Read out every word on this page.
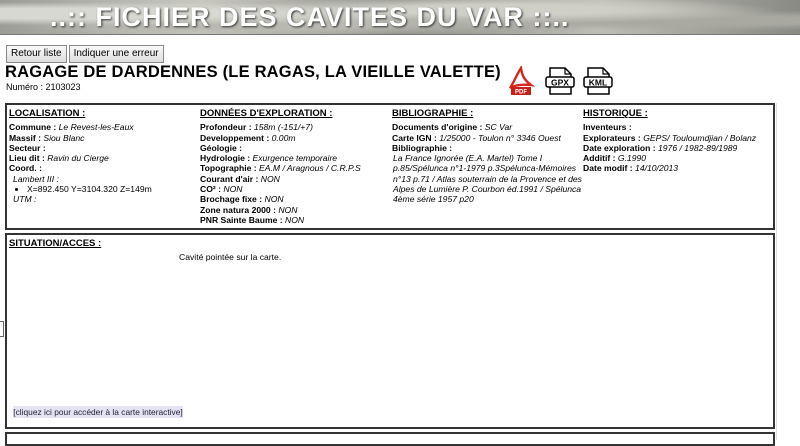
..:: FICHIER DES CAVITES DU VAR ::..
Retour liste	Indiquer une erreur
RAGAGE DE DARDENNES (LE RAGAS, LA VIEILLE VALETTE)
Numéro : 2103023
PDF
GPX KML
LOCALISATION :
Commune : Le Revest-les-Eaux
Massif : Siou Blanc
Secteur :
Lieu dit : Ravin du Cierge
Coord. :
Lambert III :
• X=892.450 Y=3104.320 Z=149m
UTM :
DONNÉES D'EXPLORATION :
Profondeur : 158m (-151/+7)
Developpement : 0.00m
Géologie :
Hydrologie : Exurgence temporaire
Topographie : EA.M / Aragnous / C.R.P.S
Courant d'air : NON
CO² : NON
Brochage fixe : NON
Zone natura 2000 : NON
PNR Sainte Baume : NON
BIBLIOGRAPHIE :
Documents d'origine : SC Var
Carte IGN : 1/25000 - Toulon n° 3346 Ouest
Bibliographie :
La France Ignorée (E.A. Martel) Tome I p.85/Spélunca n°1-1979 p.3Spélunca-Mémoires n°13 p.71 / Atlas souterrain de la Provence et des Alpes de Lumière P. Courbon éd.1991 / Spélunca 4ème série 1957 p20
HISTORIQUE :
Inventeurs :
Explorateurs : GEPS/ Touloumdjian / Bolanz
Date exploration : 1976 / 1982-89/1989
Additif : G.1990
Date modif : 14/10/2013
SITUATION/ACCES :
Cavité pointée sur la carte.
[cliquez ici pour accéder à la carte interactive]
